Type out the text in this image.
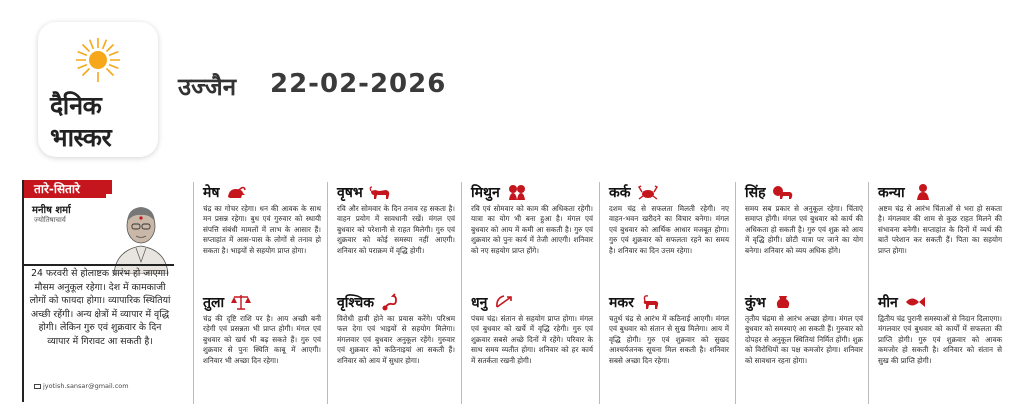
दैनिक
भास्कर
उज्जैन 22-02-2026
तारे-सितारे
मनीष शर्मा
ज्योतिषाचार्य
24 फरवरी से होलाष्टक प्रारंभ हो जाएगा। मौसम अनुकूल रहेगा। देश में कामकाजी लोगों को फायदा होगा। व्यापारिक स्थितियां अच्छी रहेंगी। अन्य क्षेत्रों में व्यापार में वृद्धि होगी। लेकिन गुरु एवं शुक्रवार के दिन व्यापार में गिरावट आ सकती है।
jyotish.sansar@gmail.com
मेष
चंद्र का गोचर रहेगा। धन की आवक के साथ मन प्रसन्न रहेगा। बुध एवं गुरुवार को स्थायी संपत्ति संबंधी मामलों में लाभ के आसार हैं। सप्ताहांत में आस-पास के लोगों से तनाव हो सकता है। भाइयों से सहयोग प्राप्त होगा।
वृषभ
रवि और सोमवार के दिन तनाव रह सकता है। वाहन प्रयोग में सावधानी रखें। मंगल एवं बुधवार को परेशानी से राहत मिलेगी। गुरु एवं शुक्रवार को कोई समस्या नहीं आएगी। शनिवार को पराक्रम में वृद्धि होगी।
मिथुन
रवि एवं सोमवार को काम की अधिकता रहेगी। यात्रा का योग भी बना हुआ है। मंगल एवं बुधवार को आय में कमी आ सकती है। गुरु एवं शुक्रवार को पुनः कार्य में तेजी आएगी। शनिवार को नए सहयोग प्राप्त होंगे।
कर्क
दशम चंद्र से सफलता मिलती रहेगी। नए वाहन-भवन खरीदने का विचार बनेगा। मंगल एवं बुधवार को आर्थिक आधार मजबूत होगा। गुरु एवं शुक्रवार को सफलता रहने का समय है। शनिवार का दिन उत्तम रहेगा।
सिंह
समय सब प्रकार से अनुकूल रहेगा। चिंताएं समाप्त होंगी। मंगल एवं बुधवार को कार्य की अधिकता हो सकती है। गुरु एवं शुक्र को आय में वृद्धि होगी। छोटी यात्रा पर जाने का योग बनेगा। शनिवार को व्यय अधिक होंगे।
कन्या
अष्टम चंद्र से आरंभ चिंताओं से भरा हो सकता है। मंगलवार की शाम से कुछ राहत मिलने की संभावना बनेगी। सप्ताहांत के दिनों में व्यर्थ की बातें परेशान कर सकती हैं। पिता का सहयोग प्राप्त होगा।
तुला
चंद्र की दृष्टि राशि पर है। आय अच्छी बनी रहेगी एवं प्रसन्नता भी प्राप्त होगी। मंगल एवं बुधवार को खर्च भी बढ़ सकते हैं। गुरु एवं शुक्रवार से पुनः स्थिति काबू में आएगी। शनिवार भी अच्छा दिन रहेगा।
वृश्चिक
विरोधी हावी होने का प्रयास करेंगे। परिश्रम फल देगा एवं भाइयों से सहयोग मिलेगा। मंगलवार एवं बुधवार अनुकूल रहेंगे। गुरुवार एवं शुक्रवार को कठिनाइयां आ सकती हैं। शनिवार को आय में सुधार होगा।
धनु
पंचम चंद्र। संतान से सहयोग प्राप्त होगा। मंगल एवं बुधवार को खर्चे में वृद्धि रहेगी। गुरु एवं शुक्रवार सबसे अच्छे दिनों में रहेंगे। परिवार के साथ समय व्यतीत होगा। शनिवार को हर कार्य में सतर्कता रखनी होगी।
मकर
चतुर्थ चंद्र से आरंभ में कठिनाई आएगी। मंगल एवं बुधवार को संतान से सुख मिलेगा। आय में वृद्धि होगी। गुरु एवं शुक्रवार को सुखद आश्चर्यजनक सूचना मिल सकती है। शनिवार सबसे अच्छा दिन रहेगा।
कुंभ
तृतीय चंद्रमा से आरंभ अच्छा होगा। मंगल एवं बुधवार को समस्याएं आ सकती हैं। गुरुवार को दोपहर से अनुकूल स्थितियां निर्मित होंगी। शुक्र को विरोधियों का पक्ष कमजोर होगा। शनिवार को सावधान रहना होगा।
मीन
द्वितीय चंद्र पुरानी समस्याओं से निदान दिलाएगा। मंगलवार एवं बुधवार को कार्यों में सफलता की प्राप्ति होगी। गुरु एवं शुक्रवार को आवक कमजोर हो सकती है। शनिवार को संतान से सुख की प्राप्ति होगी।
